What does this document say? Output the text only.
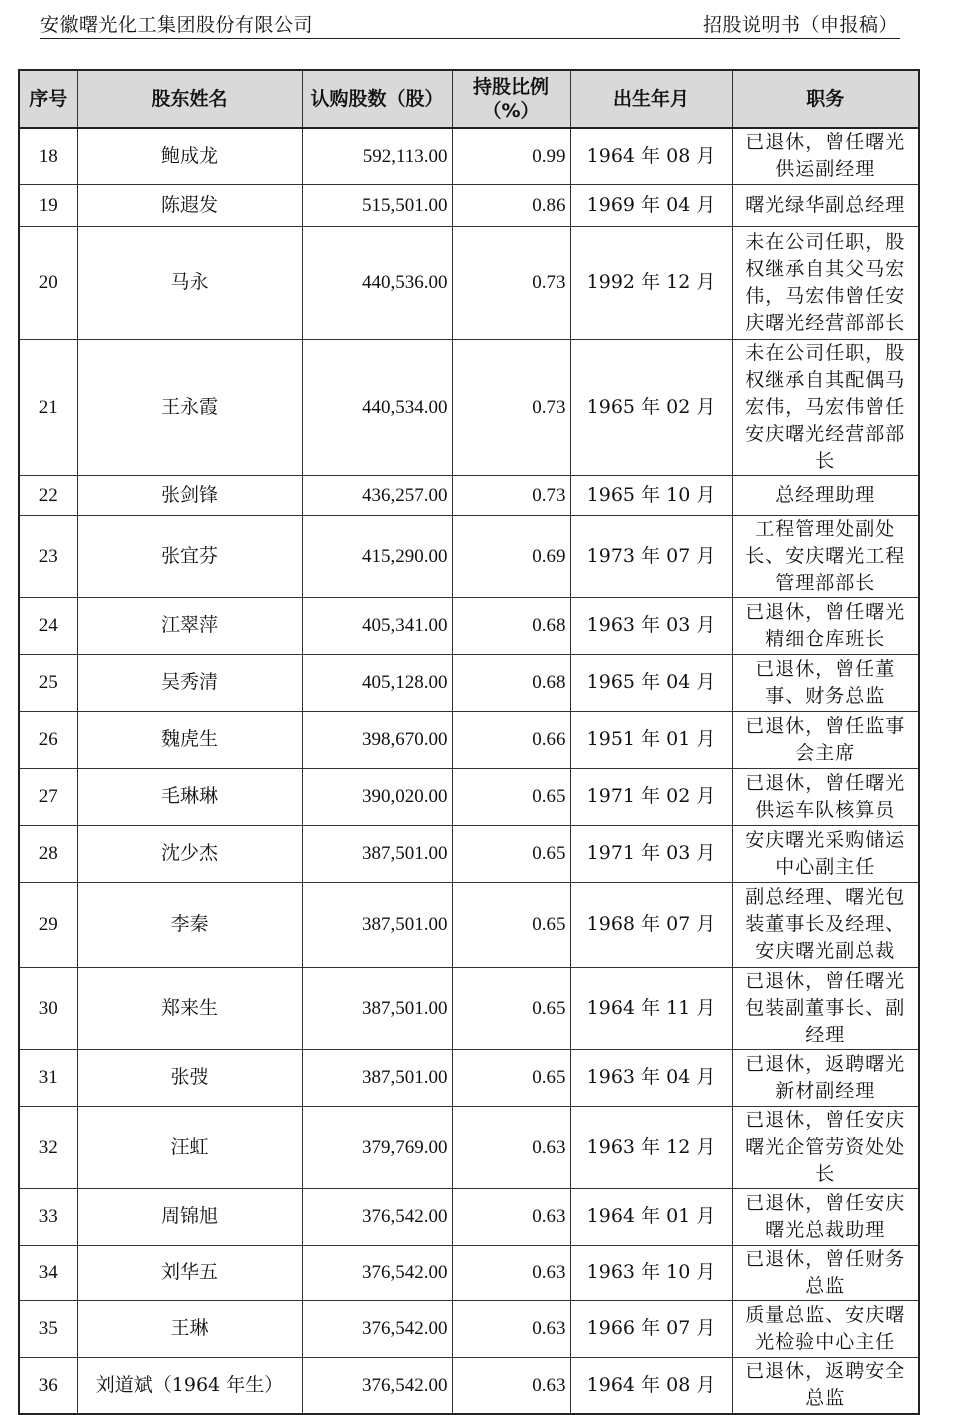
安徽曙光化工集团股份有限公司	招股说明书（申报稿）
序号	股东姓名	认购股数（股）	持股比例（%）	出生年月	职务
18	鲍成龙	592,113.00	0.99	1964 年 08 月	已退休，曾任曙光供运副经理
19	陈遐发	515,501.00	0.86	1969 年 04 月	曙光绿华副总经理
20	马永	440,536.00	0.73	1992 年 12 月	未在公司任职，股权继承自其父马宏伟，马宏伟曾任安庆曙光经营部部长
21	王永霞	440,534.00	0.73	1965 年 02 月	未在公司任职，股权继承自其配偶马宏伟，马宏伟曾任安庆曙光经营部部长
22	张剑锋	436,257.00	0.73	1965 年 10 月	总经理助理
23	张宜芬	415,290.00	0.69	1973 年 07 月	工程管理处副处长、安庆曙光工程管理部部长
24	江翠萍	405,341.00	0.68	1963 年 03 月	已退休，曾任曙光精细仓库班长
25	吴秀清	405,128.00	0.68	1965 年 04 月	已退休，曾任董事、财务总监
26	魏虎生	398,670.00	0.66	1951 年 01 月	已退休，曾任监事会主席
27	毛琳琳	390,020.00	0.65	1971 年 02 月	已退休，曾任曙光供运车队核算员
28	沈少杰	387,501.00	0.65	1971 年 03 月	安庆曙光采购储运中心副主任
29	李秦	387,501.00	0.65	1968 年 07 月	副总经理、曙光包装董事长及经理、安庆曙光副总裁
30	郑来生	387,501.00	0.65	1964 年 11 月	已退休，曾任曙光包装副董事长、副经理
31	张弢	387,501.00	0.65	1963 年 04 月	已退休，返聘曙光新材副经理
32	汪虹	379,769.00	0.63	1963 年 12 月	已退休，曾任安庆曙光企管劳资处处长
33	周锦旭	376,542.00	0.63	1964 年 01 月	已退休，曾任安庆曙光总裁助理
34	刘华五	376,542.00	0.63	1963 年 10 月	已退休，曾任财务总监
35	王琳	376,542.00	0.63	1966 年 07 月	质量总监、安庆曙光检验中心主任
36	刘道斌（1964 年生）	376,542.00	0.63	1964 年 08 月	已退休，返聘安全总监
